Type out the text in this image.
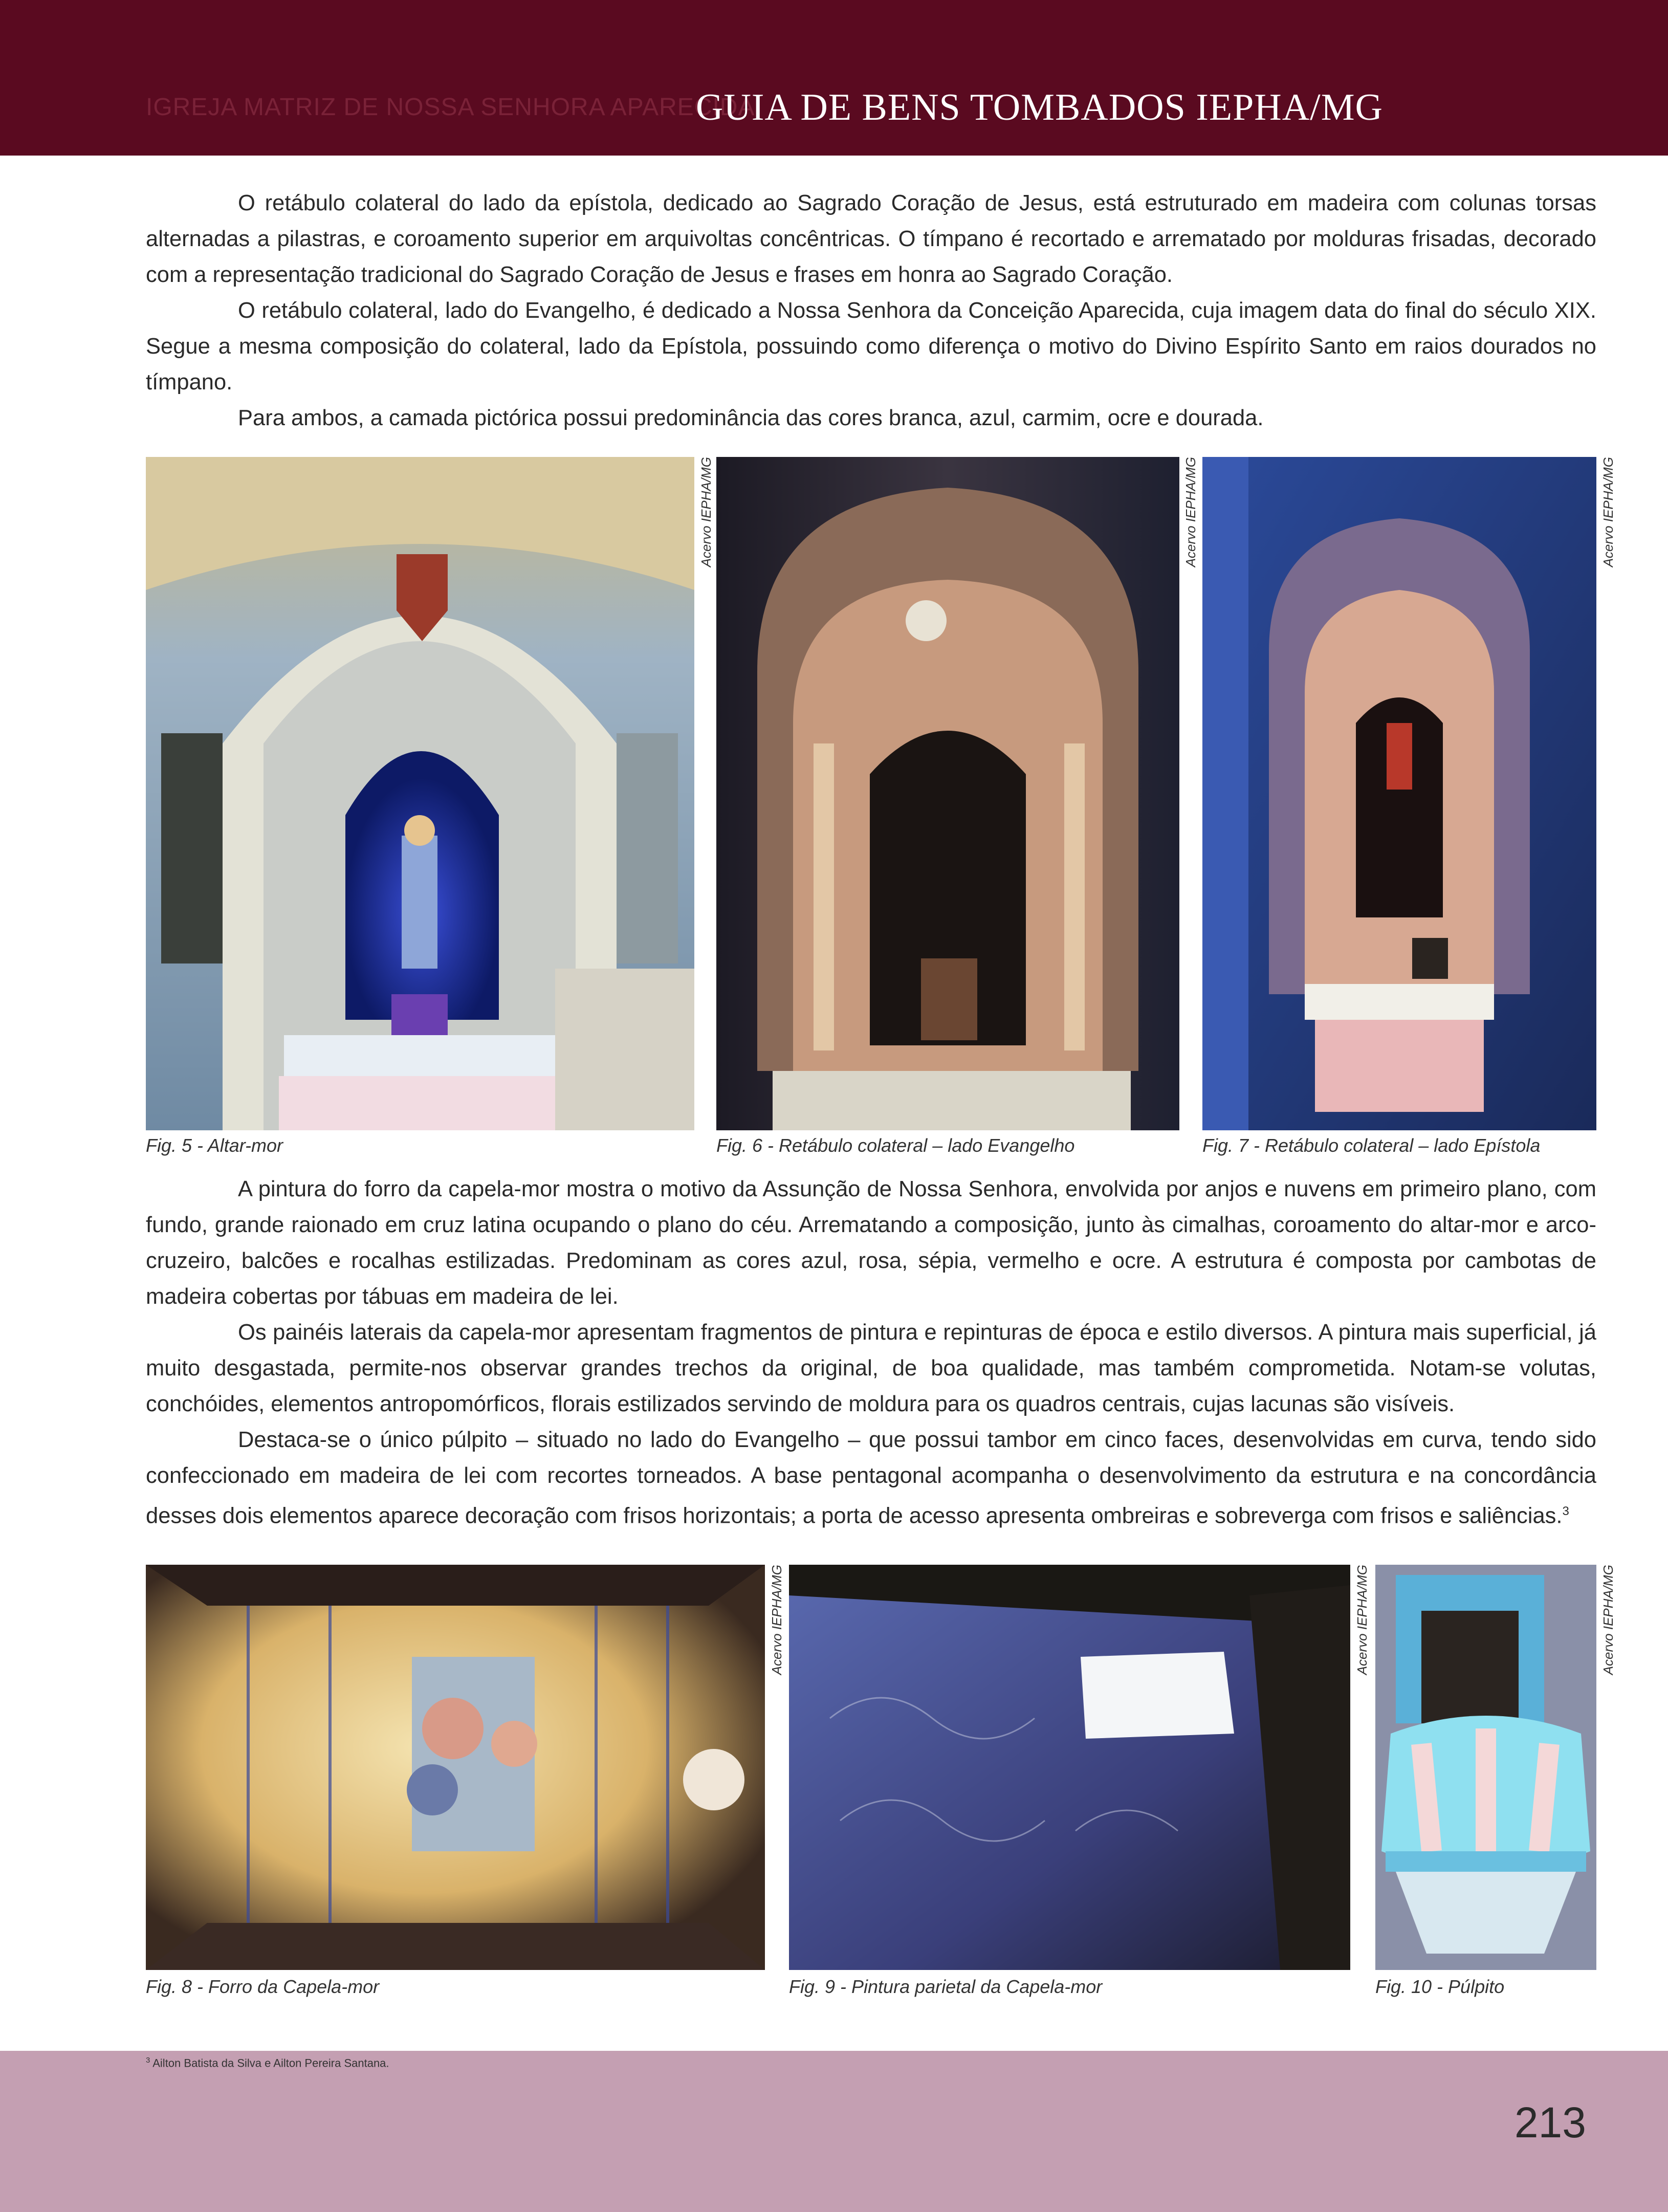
IGREJA MATRIZ DE NOSSA SENHORA APARECIDA
GUIA DE BENS TOMBADOS IEPHA/MG

O retábulo colateral do lado da epístola, dedicado ao Sagrado Coração de Jesus, está estruturado em madeira com colunas torsas alternadas a pilastras, e coroamento superior em arquivoltas concêntricas. O tímpano é recortado e arrematado por molduras frisadas, decorado com a representação tradicional do Sagrado Coração de Jesus e frases em honra ao Sagrado Coração.

O retábulo colateral, lado do Evangelho, é dedicado a Nossa Senhora da Conceição Aparecida, cuja imagem data do final do século XIX. Segue a mesma composição do colateral, lado da Epístola, possuindo como diferença o motivo do Divino Espírito Santo em raios dourados no tímpano.

Para ambos, a camada pictórica possui predominância das cores branca, azul, carmim, ocre e dourada.

Acervo IEPHA/MG
Fig. 5 - Altar-mor
Acervo IEPHA/MG
Fig. 6 - Retábulo colateral – lado Evangelho
Acervo IEPHA/MG
Fig. 7 - Retábulo colateral – lado Epístola

A pintura do forro da capela-mor mostra o motivo da Assunção de Nossa Senhora, envolvida por anjos e nuvens em primeiro plano, com fundo, grande raionado em cruz latina ocupando o plano do céu. Arrematando a composição, junto às cimalhas, coroamento do altar-mor e arco-cruzeiro, balcões e rocalhas estilizadas. Predominam as cores azul, rosa, sépia, vermelho e ocre. A estrutura é composta por cambotas de madeira cobertas por tábuas em madeira de lei.

Os painéis laterais da capela-mor apresentam fragmentos de pintura e repinturas de época e estilo diversos. A pintura mais superficial, já muito desgastada, permite-nos observar grandes trechos da original, de boa qualidade, mas também comprometida. Notam-se volutas, conchóides, elementos antropomórficos, florais estilizados servindo de moldura para os quadros centrais, cujas lacunas são visíveis.

Destaca-se o único púlpito – situado no lado do Evangelho – que possui tambor em cinco faces, desenvolvidas em curva, tendo sido confeccionado em madeira de lei com recortes torneados. A base pentagonal acompanha o desenvolvimento da estrutura e na concordância desses dois elementos aparece decoração com frisos horizontais; a porta de acesso apresenta ombreiras e sobreverga com frisos e saliências.$^3$

Acervo IEPHA/MG
Fig. 8 - Forro da Capela-mor
Acervo IEPHA/MG
Fig. 9 - Pintura parietal da Capela-mor
Acervo IEPHA/MG
Fig. 10 - Púlpito
$^3$ Ailton Batista da Silva e Ailton Pereira Santana.
213
